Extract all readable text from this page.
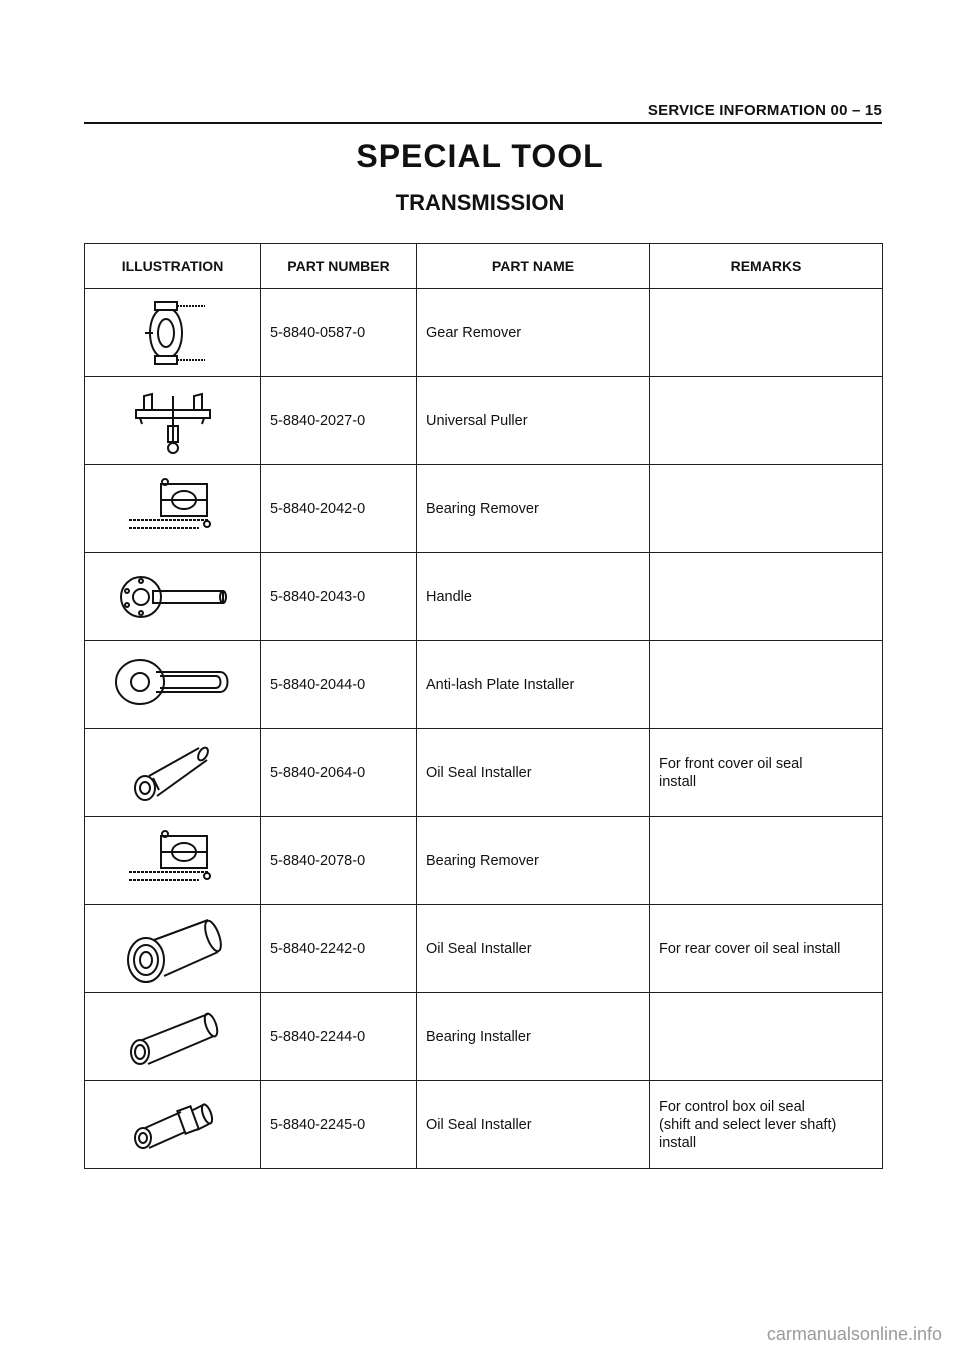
SERVICE INFORMATION 00 – 15
SPECIAL TOOL
TRANSMISSION
ILLUSTRATION	PART NUMBER	PART NAME	REMARKS

	5-8840-0587-0	Gear Remover	

	5-8840-2027-0	Universal Puller	

	5-8840-2042-0	Bearing Remover	

	5-8840-2043-0	Handle	

	5-8840-2044-0	Anti-lash Plate Installer	

	5-8840-2064-0	Oil Seal Installer	For front cover oil seal
install

	5-8840-2078-0	Bearing Remover	

	5-8840-2242-0	Oil Seal Installer	For rear cover oil seal install

	5-8840-2244-0	Bearing Installer	

	5-8840-2245-0	Oil Seal Installer	For control box oil seal
(shift and select lever shaft)
install
carmanualsonline.info
